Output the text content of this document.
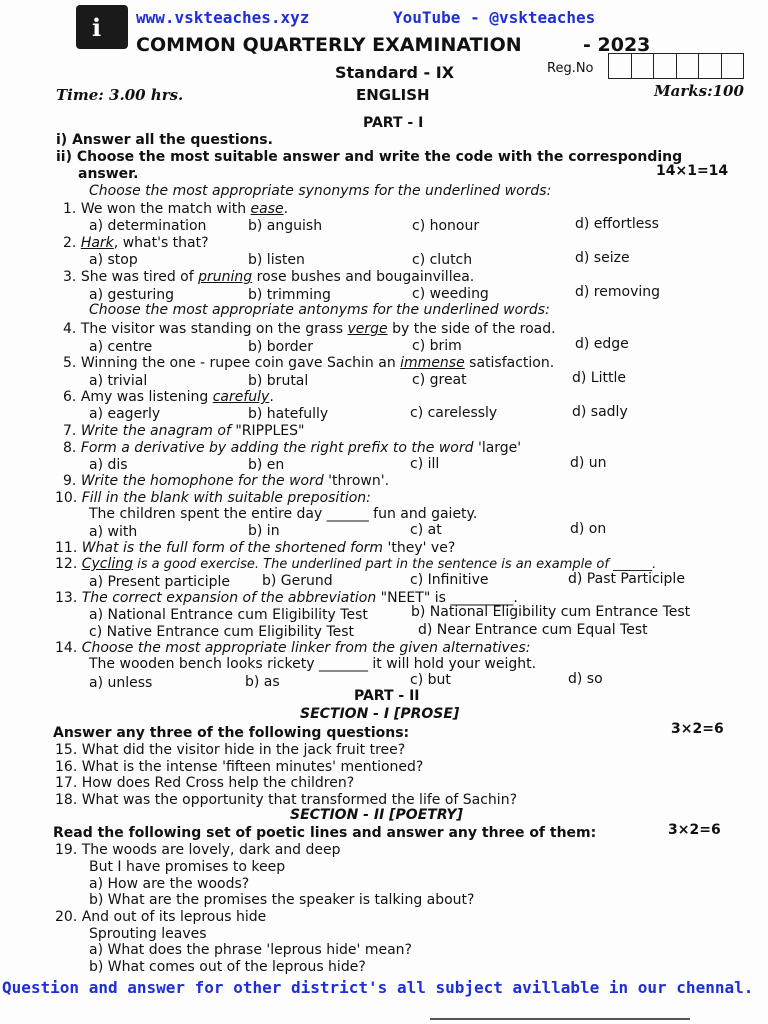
i www.vskteaches.xyz	YouTube - @vskteaches
COMMON QUARTERLY EXAMINATION	- 2023
Standard - IX	Reg.No
Time: 3.00 hrs.	ENGLISH	Marks:100
PART - I
i) Answer all the questions.
ii) Choose the most suitable answer and write the code with the corresponding
answer.	14×1=14
Choose the most appropriate synonyms for the underlined words:
1. We won the match with ease.
a) determination	b) anguish	c) honour	d) effortless
2. Hark, what's that?
a) stop	b) listen	c) clutch	d) seize
3. She was tired of pruning rose bushes and bougainvillea.
a) gesturing	b) trimming	c) weeding	d) removing
Choose the most appropriate antonyms for the underlined words:
4. The visitor was standing on the grass verge by the side of the road.
a) centre	b) border	c) brim	d) edge
5. Winning the one - rupee coin gave Sachin an immense satisfaction.
a) trivial	b) brutal	c) great	d) Little
6. Amy was listening carefuly.
a) eagerly	b) hatefully	c) carelessly	d) sadly
7. Write the anagram of "RIPPLES"
8. Form a derivative by adding the right prefix to the word 'large'
a) dis	b) en	c) ill	d) un
9. Write the homophone for the word 'thrown'.
10. Fill in the blank with suitable preposition:
The children spent the entire day ______ fun and gaiety.
a) with	b) in	c) at	d) on
11. What is the full form of the shortened form 'they' ve?
12. Cycling is a good exercise. The underlined part in the sentence is an example of ______.
a) Present participle b) Gerund	c) Infinitive	d) Past Participle
13. The correct expansion of the abbreviation "NEET" is _________.
a) National Entrance cum Eligibility Test	b) National Eligibility cum Entrance Test
c) Native Entrance cum Eligibility Test	d) Near Entrance cum Equal Test
14. Choose the most appropriate linker from the given alternatives:
The wooden bench looks rickety _______ it will hold your weight.
a) unless	b) as	c) but	d) so
PART - II
SECTION - I [PROSE]
Answer any three of the following questions:	3×2=6
15. What did the visitor hide in the jack fruit tree?
16. What is the intense 'fifteen minutes' mentioned?
17. How does Red Cross help the children?
18. What was the opportunity that transformed the life of Sachin?
SECTION - II [POETRY]
Read the following set of poetic lines and answer any three of them:	3×2=6
19. The woods are lovely, dark and deep
But I have promises to keep
a) How are the woods?
b) What are the promises the speaker is talking about?
20. And out of its leprous hide
Sprouting leaves
a) What does the phrase 'leprous hide' mean?
b) What comes out of the leprous hide?
Question and answer for other district's all subject avillable in our chennal.
